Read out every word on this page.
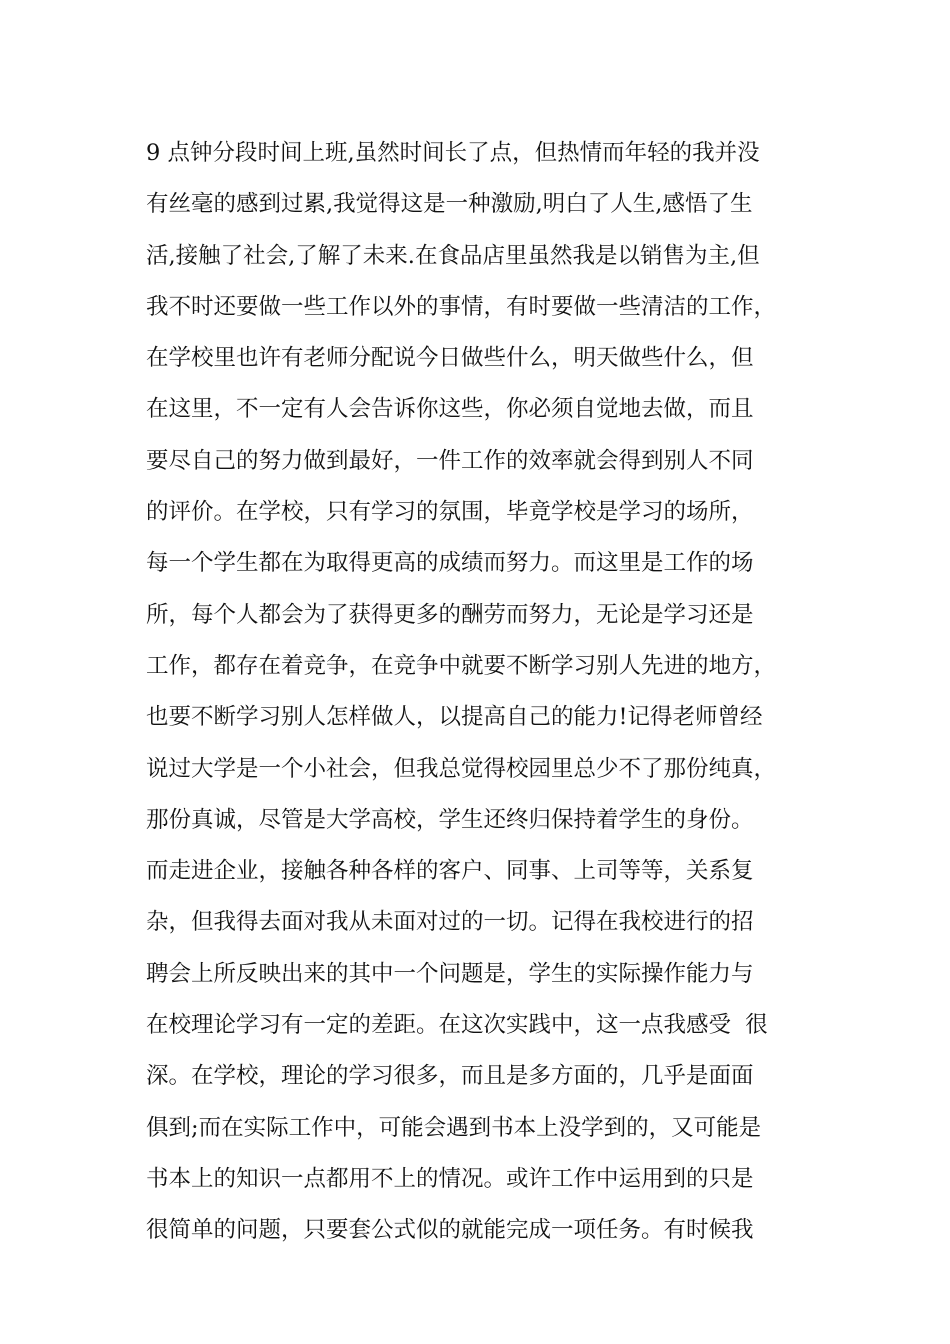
9 点钟分段时间上班,虽然时间长了点，但热情而年轻的我并没
有丝毫的感到过累,我觉得这是一种激励,明白了人生,感悟了生
活,接触了社会,了解了未来.在食品店里虽然我是以销售为主,但
我不时还要做一些工作以外的事情，有时要做一些清洁的工作，
在学校里也许有老师分配说今日做些什么，明天做些什么，但
在这里，不一定有人会告诉你这些，你必须自觉地去做，而且
要尽自己的努力做到最好，一件工作的效率就会得到别人不同
的评价。在学校，只有学习的氛围，毕竟学校是学习的场所，
每一个学生都在为取得更高的成绩而努力。而这里是工作的场
所，每个人都会为了获得更多的酬劳而努力，无论是学习还是
工作，都存在着竞争，在竞争中就要不断学习别人先进的地方，
也要不断学习别人怎样做人，以提高自己的能力!记得老师曾经
说过大学是一个小社会，但我总觉得校园里总少不了那份纯真，
那份真诚，尽管是大学高校，学生还终归保持着学生的身份。
而走进企业，接触各种各样的客户、同事、上司等等，关系复
杂，但我得去面对我从未面对过的一切。记得在我校进行的招
聘会上所反映出来的其中一个问题是，学生的实际操作能力与
在校理论学习有一定的差距。在这次实践中，这一点我感受  很
深。在学校，理论的学习很多，而且是多方面的，几乎是面面
俱到;而在实际工作中，可能会遇到书本上没学到的，又可能是
书本上的知识一点都用不上的情况。或许工作中运用到的只是
很简单的问题，只要套公式似的就能完成一项任务。有时候我
